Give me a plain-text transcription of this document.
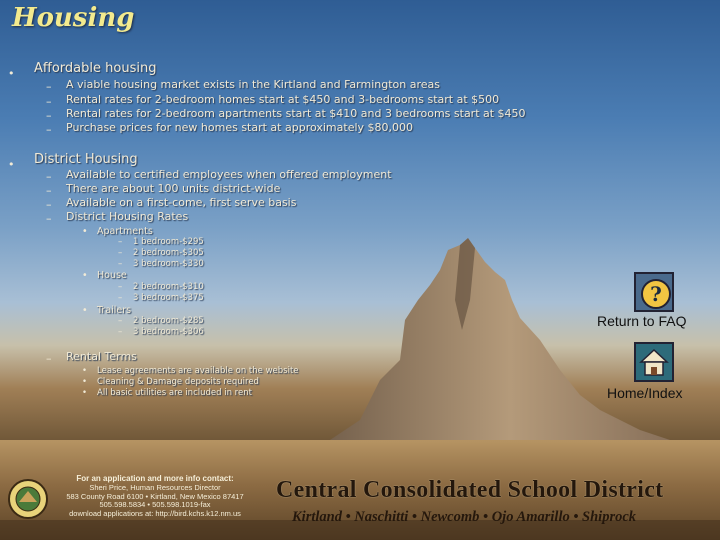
Housing
• Affordable housing
– A viable housing market exists in the Kirtland and Farmington areas
– Rental rates for 2-bedroom homes start at $450 and 3-bedrooms start at $500
– Rental rates for 2-bedroom apartments start at $410 and 3 bedrooms start at $450
– Purchase prices for new homes start at approximately $80,000
• District Housing
– Available to certified employees when offered employment
– There are about 100 units district-wide
– Available on a first-come, first serve basis
– District Housing Rates
• Apartments
– 1 bedroom-$295
– 2 bedroom-$305
– 3 bedroom-$330
• House
– 2 bedroom-$310
– 3 bedroom-$375
• Trailers
– 2 bedroom-$285
– 3 bedroom-$306
– Rental Terms
• Lease agreements are available on the website
• Cleaning & Damage deposits required
• All basic utilities are included in rent
?
Return to FAQ
Home/Index
For an application and more info contact:
Sheri Price, Human Resources Director
583 County Road 6100 • Kirtland, New Mexico 87417
505.598.5834 • 505.598.1019-fax
download applications at: http://bird.kchs.k12.nm.us
Central Consolidated School District
Kirtland • Naschitti • Newcomb • Ojo Amarillo • Shiprock
